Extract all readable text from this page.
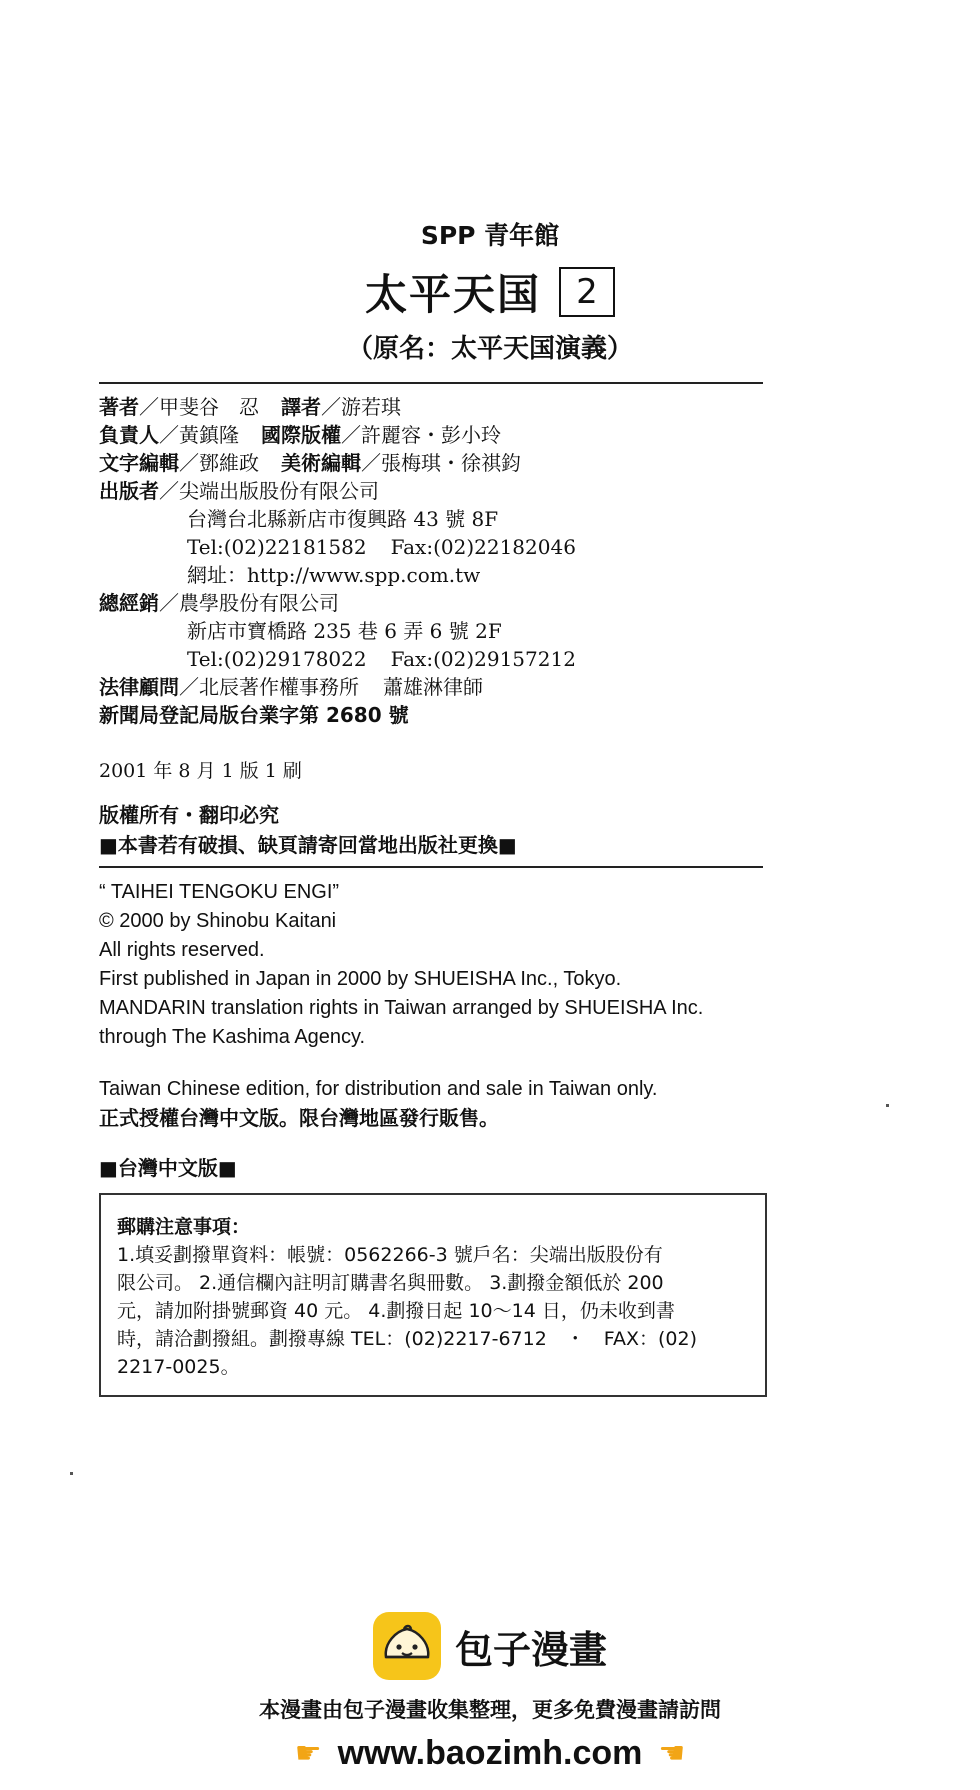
SPP 青年館
太平天国	2
（原名：太平天国演義）
著者／甲斐谷　忍 譯者／游若琪
負責人／黃鎮隆 國際版權／許麗容・彭小玲
文字編輯／鄧維政 美術編輯／張梅琪・徐祺鈞
出版者／尖端出版股份有限公司
台灣台北縣新店市復興路 43 號 8F
Tel:(02)22181582 Fax:(02)22182046
網址：http://www.spp.com.tw
總經銷／農學股份有限公司
新店市寶橋路 235 巷 6 弄 6 號 2F
Tel:(02)29178022 Fax:(02)29157212
法律顧問／北辰著作權事務所 蕭雄淋律師
新聞局登記局版台業字第 2680 號
2001 年 8 月 1 版 1 刷
版權所有・翻印必究
■本書若有破損、缺頁請寄回當地出版社更換■
“ TAIHEI TENGOKU ENGI”
© 2000 by Shinobu Kaitani
All rights reserved.
First published in Japan in 2000 by SHUEISHA Inc., Tokyo.
MANDARIN translation rights in Taiwan arranged by SHUEISHA Inc.
through The Kashima Agency.
Taiwan Chinese edition, for distribution and sale in Taiwan only.
正式授權台灣中文版。限台灣地區發行販售。
■台灣中文版■
郵購注意事項：
1.填妥劃撥單資料：帳號：0562266-3 號戶名：尖端出版股份有
限公司。 2.通信欄內註明訂購書名與冊數。 3.劃撥金額低於 200
元，請加附掛號郵資 40 元。 4.劃撥日起 10～14 日，仍未收到書
時，請洽劃撥組。劃撥專線 TEL：(02)2217-6712　・　FAX：(02)
2217-0025。
包子漫畫
本漫畫由包子漫畫收集整理，更多免費漫畫請訪問
☛ www.baozimh.com ☚
